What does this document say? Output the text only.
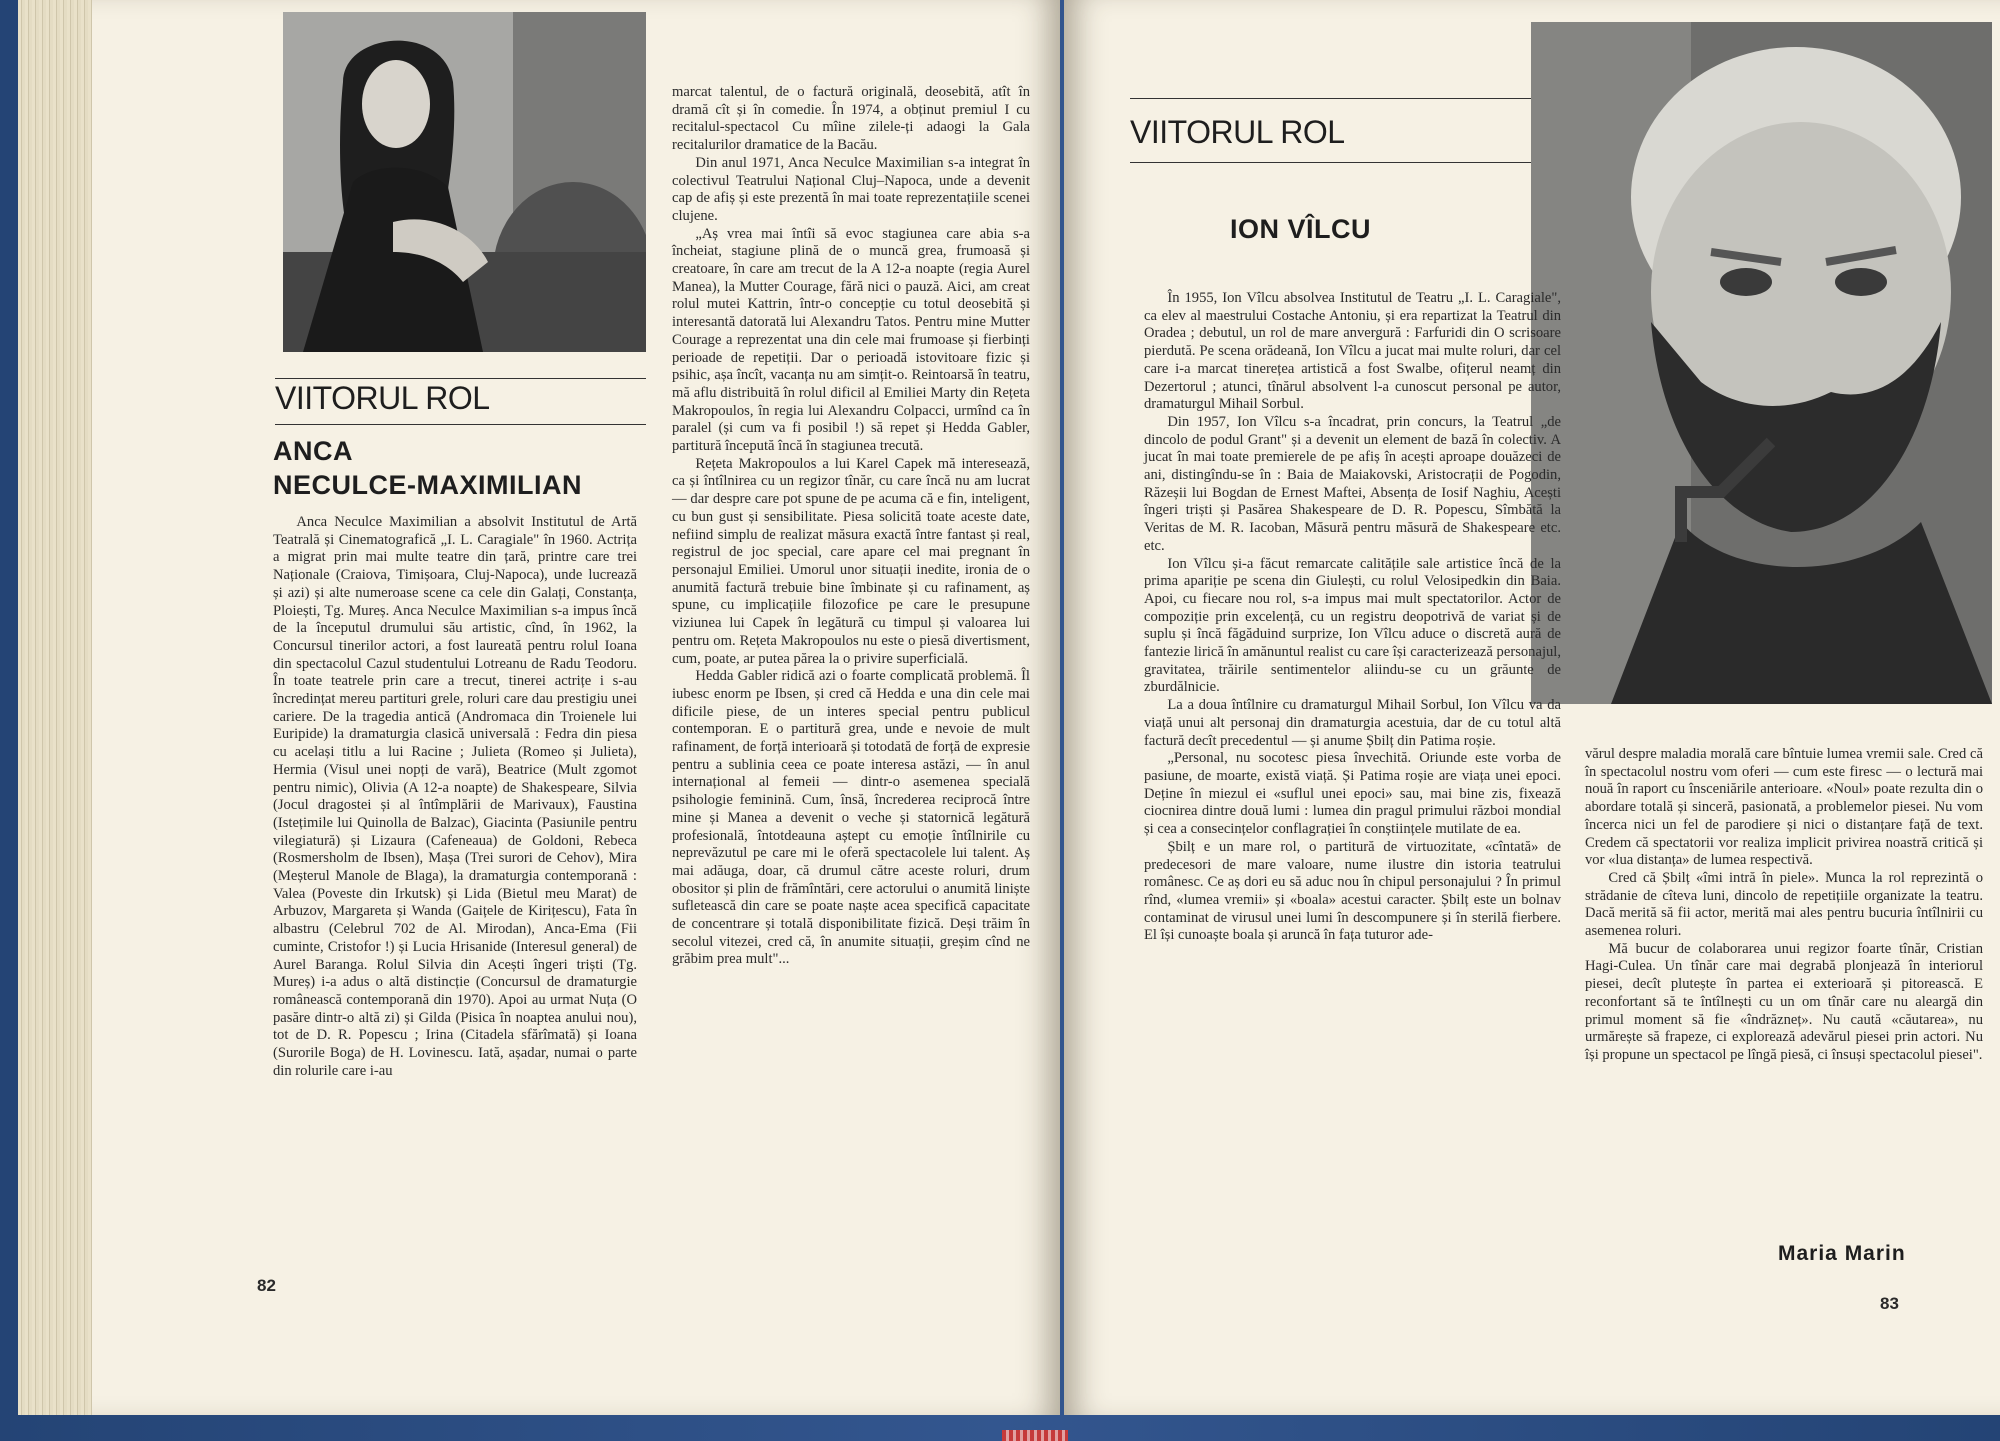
VIITORUL ROL
ANCA
NECULCE-MAXIMILIAN

Anca Neculce Maximilian a absolvit Institutul de Artă Teatrală și Cinematografică „I. L. Caragiale" în 1960. Actrița a migrat prin mai multe teatre din țară, printre care trei Naționale (Craiova, Timișoara, Cluj-Napoca), unde lucrează și azi) și alte numeroase scene ca cele din Galați, Constanța, Ploiești, Tg. Mureș. Anca Neculce Maximilian s-a impus încă de la începutul drumului său artistic, cînd, în 1962, la Concursul tinerilor actori, a fost laureată pentru rolul Ioana din spectacolul Cazul studentului Lotreanu de Radu Teodoru. În toate teatrele prin care a trecut, tinerei actrițe i s-au încredințat mereu partituri grele, roluri care dau prestigiu unei cariere. De la tragedia antică (Andromaca din Troienele lui Euripide) la dramaturgia clasică universală : Fedra din piesa cu același titlu a lui Racine ; Julieta (Romeo și Julieta), Hermia (Visul unei nopți de vară), Beatrice (Mult zgomot pentru nimic), Olivia (A 12-a noapte) de Shakespeare, Silvia (Jocul dragostei și al întîmplării de Marivaux), Faustina (Istețimile lui Quinolla de Balzac), Giacinta (Pasiunile pentru vilegiatură) și Lizaura (Cafeneaua) de Goldoni, Rebeca (Rosmersholm de Ibsen), Mașa (Trei surori de Cehov), Mira (Meșterul Manole de Blaga), la dramaturgia contemporană : Valea (Poveste din Irkutsk) și Lida (Bietul meu Marat) de Arbuzov, Margareta și Wanda (Gaițele de Kirițescu), Fata în albastru (Celebrul 702 de Al. Mirodan), Anca-Ema (Fii cuminte, Cristofor !) și Lucia Hrisanide (Interesul general) de Aurel Baranga. Rolul Silvia din Acești îngeri triști (Tg. Mureș) i-a adus o altă distincție (Concursul de dramaturgie românească contemporană din 1970). Apoi au urmat Nuța (O pasăre dintr-o altă zi) și Gilda (Pisica în noaptea anului nou), tot de D. R. Popescu ; Irina (Citadela sfărîmată) și Ioana (Surorile Boga) de H. Lovinescu. Iată, așadar, numai o parte din rolurile care i-au

marcat talentul, de o factură originală, deosebită, atît în dramă cît și în comedie. În 1974, a obținut premiul I cu recitalul-spectacol Cu mîine zilele-ți adaogi la Gala recitalurilor dramatice de la Bacău.

Din anul 1971, Anca Neculce Maximilian s-a integrat în colectivul Teatrului Național Cluj–Napoca, unde a devenit cap de afiș și este prezentă în mai toate reprezentațiile scenei clujene.

„Aș vrea mai întîi să evoc stagiunea care abia s-a încheiat, stagiune plină de o muncă grea, frumoasă și creatoare, în care am trecut de la A 12-a noapte (regia Aurel Manea), la Mutter Courage, fără nici o pauză. Aici, am creat rolul mutei Kattrin, într-o concepție cu totul deosebită și interesantă datorată lui Alexandru Tatos. Pentru mine Mutter Courage a reprezentat una din cele mai frumoase și fierbinți perioade de repetiții. Dar o perioadă istovitoare fizic și psihic, așa încît, vacanța nu am simțit-o. Reintoarsă în teatru, mă aflu distribuită în rolul dificil al Emiliei Marty din Rețeta Makropoulos, în regia lui Alexandru Colpacci, urmînd ca în paralel (și cum va fi posibil !) să repet și Hedda Gabler, partitură începută încă în stagiunea trecută.

Rețeta Makropoulos a lui Karel Capek mă interesează, ca și întîlnirea cu un regizor tînăr, cu care încă nu am lucrat — dar despre care pot spune de pe acuma că e fin, inteligent, cu bun gust și sensibilitate. Piesa solicită toate aceste date, nefiind simplu de realizat măsura exactă între fantast și real, registrul de joc special, care apare cel mai pregnant în personajul Emiliei. Umorul unor situații inedite, ironia de o anumită factură trebuie bine îmbinate și cu rafinament, aș spune, cu implicațiile filozofice pe care le presupune viziunea lui Capek în legătură cu timpul și valoarea lui pentru om. Rețeta Makropoulos nu este o piesă divertisment, cum, poate, ar putea părea la o privire superficială.

Hedda Gabler ridică azi o foarte complicată problemă. Îl iubesc enorm pe Ibsen, și cred că Hedda e una din cele mai dificile piese, de un interes special pentru publicul contemporan. E o partitură grea, unde e nevoie de mult rafinament, de forță interioară și totodată de forță de expresie pentru a sublinia ceea ce poate interesa astăzi, — în anul internațional al femeii — dintr-o asemenea specială psihologie feminină. Cum, însă, încrederea reciprocă între mine și Manea a devenit o veche și statornică legătură profesională, întotdeauna aștept cu emoție întîlnirile cu neprevăzutul pe care mi le oferă spectacolele lui talent. Aș mai adăuga, doar, că drumul către aceste roluri, drum obositor și plin de frămîntări, cere actorului o anumită liniște sufletească din care se poate naște acea specifică capacitate de concentrare și totală disponibilitate fizică. Deși trăim în secolul vitezei, cred că, în anumite situații, greșim cînd ne grăbim prea mult"...

82
VIITORUL ROL
ION VÎLCU

În 1955, Ion Vîlcu absolvea Institutul de Teatru „I. L. Caragiale", ca elev al maestrului Costache Antoniu, și era repartizat la Teatrul din Oradea ; debutul, un rol de mare anvergură : Farfuridi din O scrisoare pierdută. Pe scena orădeană, Ion Vîlcu a jucat mai multe roluri, dar cel care i-a marcat tinerețea artistică a fost Swalbe, ofițerul neamț din Dezertorul ; atunci, tînărul absolvent l-a cunoscut personal pe autor, dramaturgul Mihail Sorbul.

Din 1957, Ion Vîlcu s-a încadrat, prin concurs, la Teatrul „de dincolo de podul Grant" și a devenit un element de bază în colectiv. A jucat în mai toate premierele de pe afiș în acești aproape douăzeci de ani, distingîndu-se în : Baia de Maiakovski, Aristocrații de Pogodin, Răzeșii lui Bogdan de Ernest Maftei, Absența de Iosif Naghiu, Acești îngeri triști și Pasărea Shakespeare de D. R. Popescu, Sîmbătă la Veritas de M. R. Iacoban, Măsură pentru măsură de Shakespeare etc. etc.

Ion Vîlcu și-a făcut remarcate calitățile sale artistice încă de la prima apariție pe scena din Giulești, cu rolul Velosipedkin din Baia. Apoi, cu fiecare nou rol, s-a impus mai mult spectatorilor. Actor de compoziție prin excelență, cu un registru deopotrivă de variat și de suplu și încă făgăduind surprize, Ion Vîlcu aduce o discretă aură de fantezie lirică în amănuntul realist cu care își caracterizează personajul, gravitatea, trăirile sentimentelor aliindu-se cu un grăunte de zburdălnicie.

La a doua întîlnire cu dramaturgul Mihail Sorbul, Ion Vîlcu va da viață unui alt personaj din dramaturgia acestuia, dar de cu totul altă factură decît precedentul — și anume Șbilț din Patima roșie.

„Personal, nu socotesc piesa învechită. Oriunde este vorba de pasiune, de moarte, există viață. Și Patima roșie are viața unei epoci. Deține în miezul ei «suflul unei epoci» sau, mai bine zis, fixează ciocnirea dintre două lumi : lumea din pragul primului război mondial și cea a consecințelor conflagrației în conștiințele mutilate de ea.

Șbilț e un mare rol, o partitură de virtuozitate, «cîntată» de predecesori de mare valoare, nume ilustre din istoria teatrului românesc. Ce aș dori eu să aduc nou în chipul personajului ? În primul rînd, «lumea vremii» și «boala» acestui caracter. Șbilț este un bolnav contaminat de virusul unei lumi în descompunere și în sterilă fierbere. El își cunoaște boala și aruncă în fața tuturor ade-

vărul despre maladia morală care bîntuie lumea vremii sale. Cred că în spectacolul nostru vom oferi — cum este firesc — o lectură mai nouă în raport cu însceniările anterioare. «Noul» poate rezulta din o abordare totală și sinceră, pasionată, a problemelor piesei. Nu vom încerca nici un fel de parodiere și nici o distanțare față de text. Credem că spectatorii vor realiza implicit privirea noastră critică și vor «lua distanța» de lumea respectivă.

Cred că Șbilț «îmi intră în piele». Munca la rol reprezintă o strădanie de cîteva luni, dincolo de repetițiile organizate la teatru. Dacă merită să fii actor, merită mai ales pentru bucuria întîlnirii cu asemenea roluri.

Mă bucur de colaborarea unui regizor foarte tînăr, Cristian Hagi-Culea. Un tînăr care mai degrabă plonjează în interiorul piesei, decît plutește în partea ei exterioară și pitorească. E reconfortant să te întîlnești cu un om tînăr care nu aleargă din primul moment să fie «îndrăzneț». Nu caută «căutarea», nu urmărește să frapeze, ci explorează adevărul piesei prin actori. Nu își propune un spectacol pe lîngă piesă, ci însuși spectacolul piesei".

Maria Marin
83
